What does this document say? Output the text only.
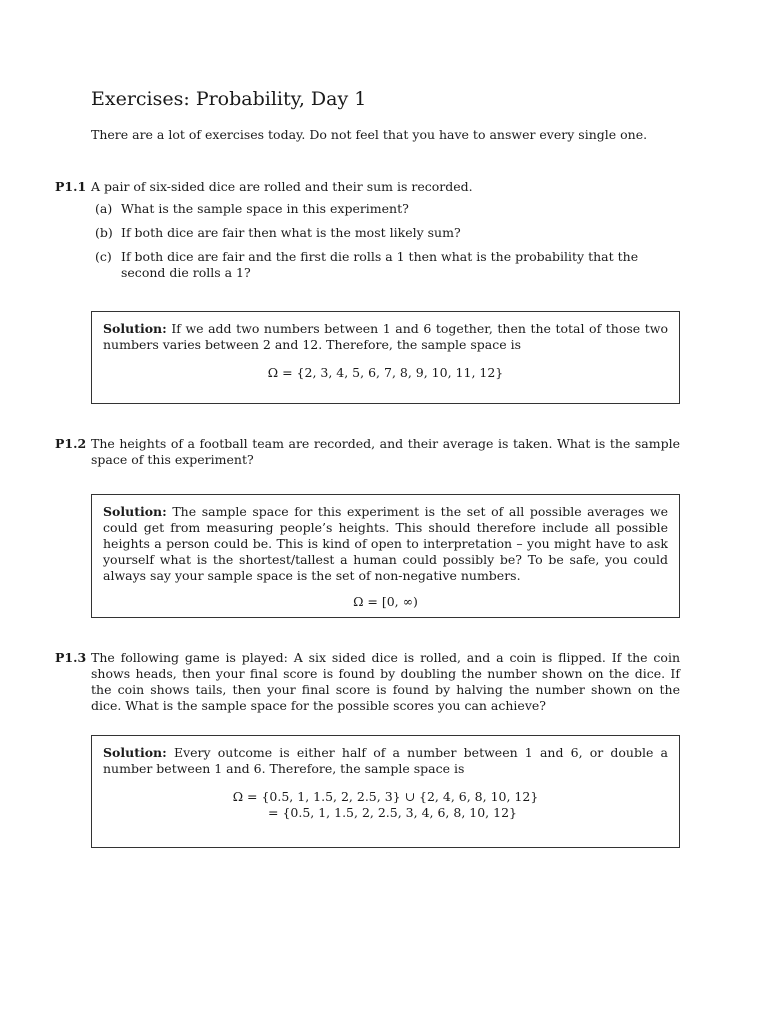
Exercises: Probability, Day 1
There are a lot of exercises today. Do not feel that you have to answer every single one.
P1.1 A pair of six-sided dice are rolled and their sum is recorded.
(a) What is the sample space in this experiment?
(b) If both dice are fair then what is the most likely sum?
(c) If both dice are fair and the first die rolls a 1 then what is the probability that the second die rolls a 1?
Solution: If we add two numbers between 1 and 6 together, then the total of those two numbers varies between 2 and 12. Therefore, the sample space is
Ω = {2, 3, 4, 5, 6, 7, 8, 9, 10, 11, 12}
P1.2 The heights of a football team are recorded, and their average is taken. What is the sample space of this experiment?
Solution: The sample space for this experiment is the set of all possible averages we could get from measuring people’s heights. This should therefore include all possible heights a person could be. This is kind of open to interpretation – you might have to ask yourself what is the shortest/tallest a human could possibly be? To be safe, you could always say your sample space is the set of non-negative numbers.
Ω = [0, ∞)
P1.3 The following game is played: A six sided dice is rolled, and a coin is flipped. If the coin shows heads, then your final score is found by doubling the number shown on the dice. If the coin shows tails, then your final score is found by halving the number shown on the dice. What is the sample space for the possible scores you can achieve?
Solution: Every outcome is either half of a number between 1 and 6, or double a number between 1 and 6. Therefore, the sample space is
Ω = {0.5, 1, 1.5, 2, 2.5, 3} ∪ {2, 4, 6, 8, 10, 12}
= {0.5, 1, 1.5, 2, 2.5, 3, 4, 6, 8, 10, 12}
